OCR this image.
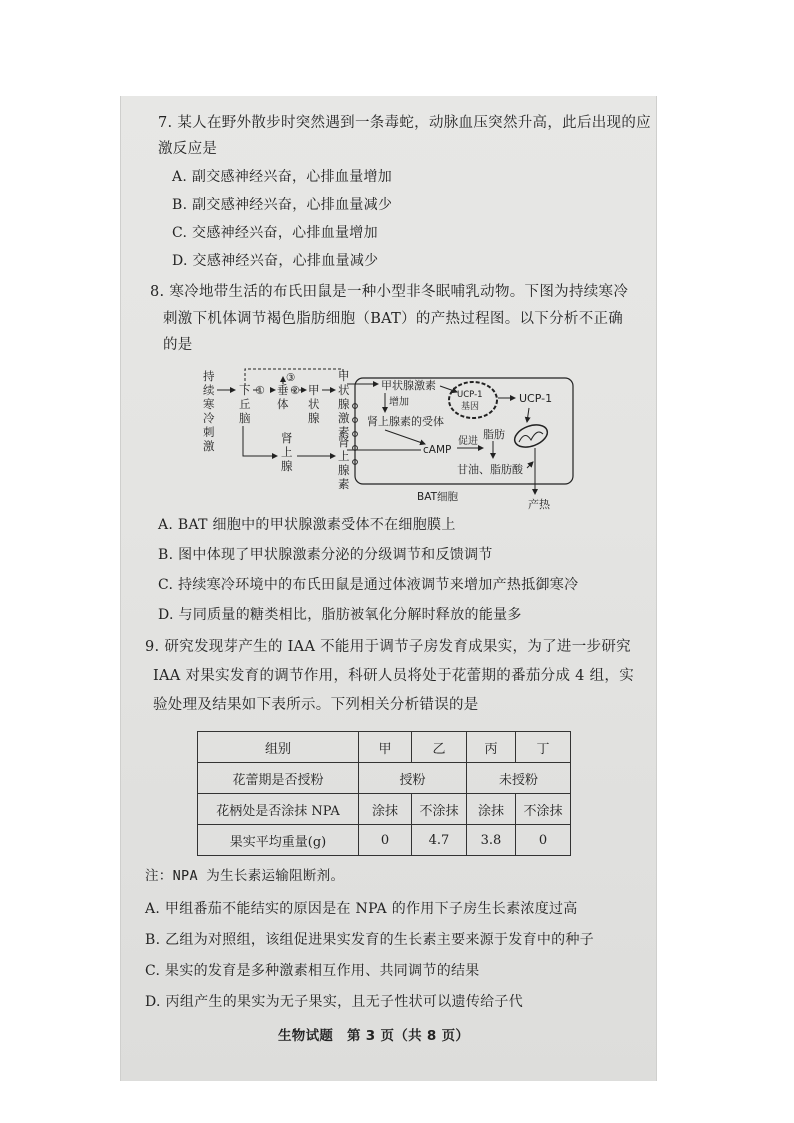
7. 某人在野外散步时突然遇到一条毒蛇，动脉血压突然升高，此后出现的应
激反应是
A. 副交感神经兴奋，心排血量增加
B. 副交感神经兴奋，心排血量减少
C. 交感神经兴奋，心排血量增加
D. 交感神经兴奋，心排血量减少
8. 寒冷地带生活的布氏田鼠是一种小型非冬眠哺乳动物。下图为持续寒冷
刺激下机体调节褐色脂肪细胞（BAT）的产热过程图。以下分析不正确
的是
持 续 寒 冷 刺 激
下 丘 脑
垂 体
甲 状 腺
甲 状 腺 激 素
肾 上 腺
肾 上 腺 素
① ②
③
甲状腺激素
增加
肾上腺素的受体
UCP-1
基因
UCP-1
cAMP
促进
脂肪
甘油、脂肪酸
BAT细胞
产热
A. BAT 细胞中的甲状腺激素受体不在细胞膜上
B. 图中体现了甲状腺激素分泌的分级调节和反馈调节
C. 持续寒冷环境中的布氏田鼠是通过体液调节来增加产热抵御寒冷
D. 与同质量的糖类相比，脂肪被氧化分解时释放的能量多
9. 研究发现芽产生的 IAA 不能用于调节子房发育成果实，为了进一步研究
IAA 对果实发育的调节作用，科研人员将处于花蕾期的番茄分成 4 组，实
验处理及结果如下表所示。下列相关分析错误的是
组别	甲	乙	丙	丁
花蕾期是否授粉	授粉		未授粉	
花柄处是否涂抹 NPA	涂抹	不涂抹	涂抹	不涂抹
果实平均重量(g)	0	4.7	3.8	0
注：NPA 为生长素运输阻断剂。
A. 甲组番茄不能结实的原因是在 NPA 的作用下子房生长素浓度过高
B. 乙组为对照组，该组促进果实发育的生长素主要来源于发育中的种子
C. 果实的发育是多种激素相互作用、共同调节的结果
D. 丙组产生的果实为无子果实，且无子性状可以遗传给子代
生物试题　第 3 页（共 8 页）
